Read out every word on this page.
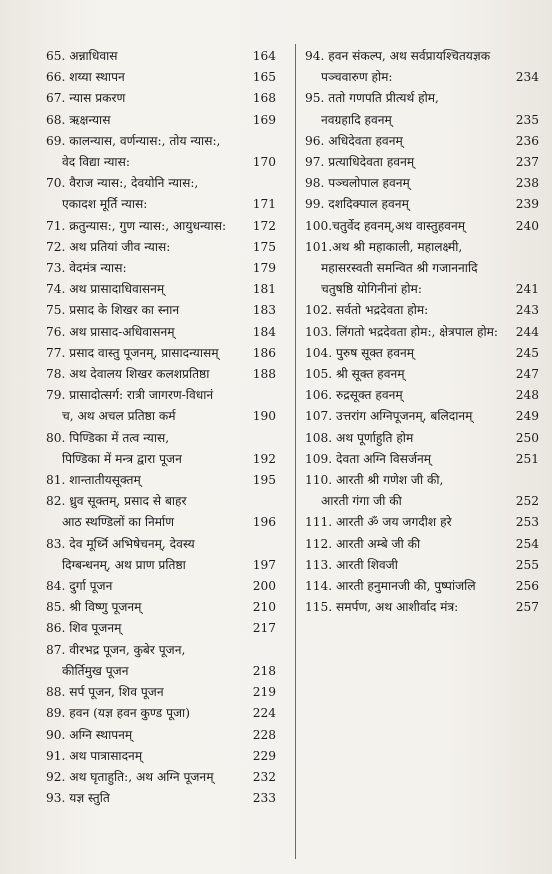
65. अन्नाधिवास	164
66. शय्या स्थापन	165
67. न्यास प्रकरण	168
68. ऋक्षन्यास	169
69. कालन्यास, वर्णन्यास:, तोय न्यास:,
वेद विद्या न्यास:	170
70. वैराज न्यास:, देवयोनि न्यास:,
एकादश मूर्ति न्यास:	171
71. क्रतुन्यास:, गुण न्यास:, आयुधन्यास:	172
72. अथ प्रतियां जीव न्यास:	175
73. वेदमंत्र न्यास:	179
74. अथ प्रासादाधिवासनम्	181
75. प्रसाद के शिखर का स्नान	183
76. अथ प्रासाद-अधिवासनम्	184
77. प्रसाद वास्तु पूजनम्, प्रासादन्यासम्	186
78. अथ देवालय शिखर कलशप्रतिष्ठा	188
79. प्रासादोत्सर्ग: रात्री जागरण-विधानं
च, अथ अचल प्रतिष्ठा कर्म	190
80. पिण्डिका में तत्व न्यास,
पिण्डिका में मन्त्र द्वारा पूजन	192
81. शान्तातीयसूक्तम्	195
82. ध्रुव सूक्तम्, प्रसाद से बाहर
आठ स्थण्डिलों का निर्माण	196
83. देव मूर्ध्नि अभिषेचनम्, देवस्य
दिग्बन्धनम्, अथ प्राण प्रतिष्ठा	197
84. दुर्गा पूजन	200
85. श्री विष्णु पूजनम्	210
86. शिव पूजनम्	217
87. वीरभद्र पूजन, कुबेर पूजन,
कीर्तिमुख पूजन	218
88. सर्प पूजन, शिव पूजन	219
89. हवन (यज्ञ हवन कुण्ड पूजा)	224
90. अग्नि स्थापनम्	228
91. अथ पात्रासादनम्	229
92. अथ घृताहुति:, अथ अग्नि पूजनम्	232
93. यज्ञ स्तुति	233
94. हवन संकल्प, अथ सर्वप्रायश्चितयज्ञक
पञ्चवारुण होम:	234
95. ततो गणपति प्रीत्यर्थ होम,
नवग्रहादि हवनम्	235
96. अधिदेवता हवनम्	236
97. प्रत्याधिदेवता हवनम्	237
98. पञ्चलोपाल हवनम्	238
99. दशदिक्पाल हवनम्	239
100.चतुर्वेद हवनम्,अथ वास्तुहवनम्	240
101.अथ श्री महाकाली, महालक्ष्मी,
महासरस्वती समन्वित श्री गजाननादि
चतुषष्ठि योगिनीनां होम:	241
102. सर्वतो भद्रदेवता होम:	243
103. लिंगतो भद्रदेवता होम:, क्षेत्रपाल होम:	244
104. पुरुष सूक्त हवनम्	245
105. श्री सूक्त हवनम्	247
106. रुद्रसूक्त हवनम्	248
107. उत्तरांग अग्निपूजनम्, बलिदानम्	249
108. अथ पूर्णाहुति होम	250
109. देवता अग्नि विसर्जनम्	251
110. आरती श्री गणेश जी की,
आरती गंगा जी की	252
111. आरती ॐ जय जगदीश हरे	253
112. आरती अम्बे जी की	254
113. आरती शिवजी	255
114. आरती हनुमानजी की, पुष्पांजलि	256
115. समर्पण, अथ आशीर्वाद मंत्र:	257
